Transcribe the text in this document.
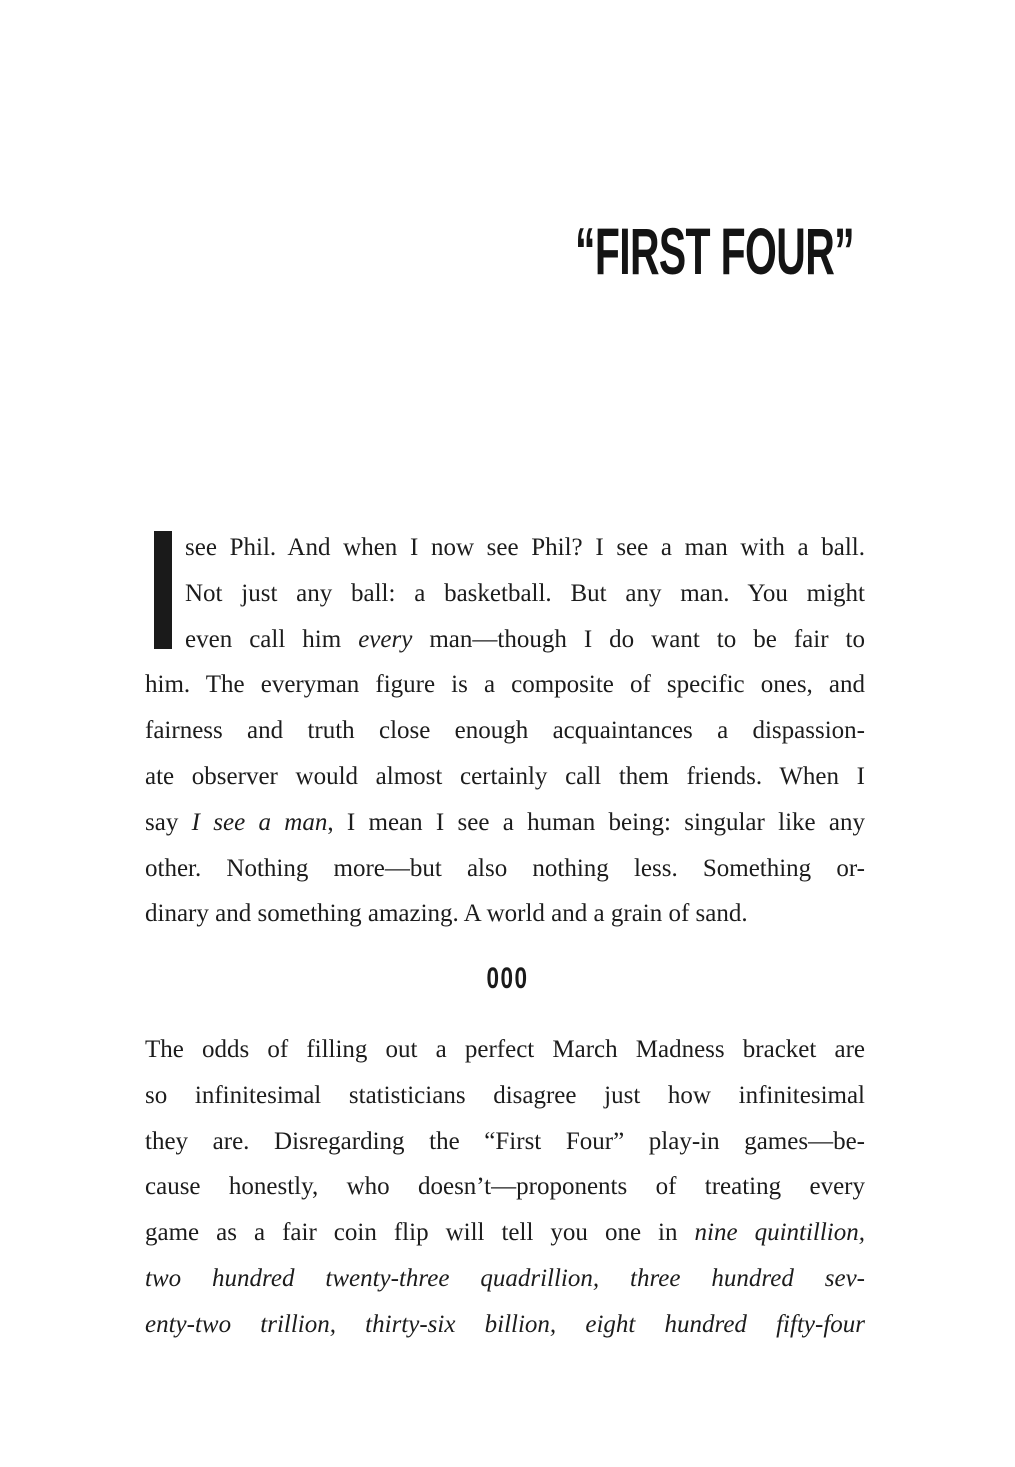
“FIRST FOUR”
see Phil. And when I now see Phil? I see a man with a ball.
Not just any ball: a basketball. But any man. You might
even call him every man—though I do want to be fair to
him. The everyman figure is a composite of specific ones, and
fairness and truth close enough acquaintances a dispassion-
ate observer would almost certainly call them friends. When I
say I see a man, I mean I see a human being: singular like any
other. Nothing more—but also nothing less. Something or-
dinary and something amazing. A world and a grain of sand.
000
The odds of filling out a perfect March Madness bracket are
so infinitesimal statisticians disagree just how infinitesimal
they are. Disregarding the “First Four” play-in games—be-
cause honestly, who doesn’t—proponents of treating every
game as a fair coin flip will tell you one in nine quintillion,
two hundred twenty-three quadrillion, three hundred sev-
enty-two trillion, thirty-six billion, eight hundred fifty-four
